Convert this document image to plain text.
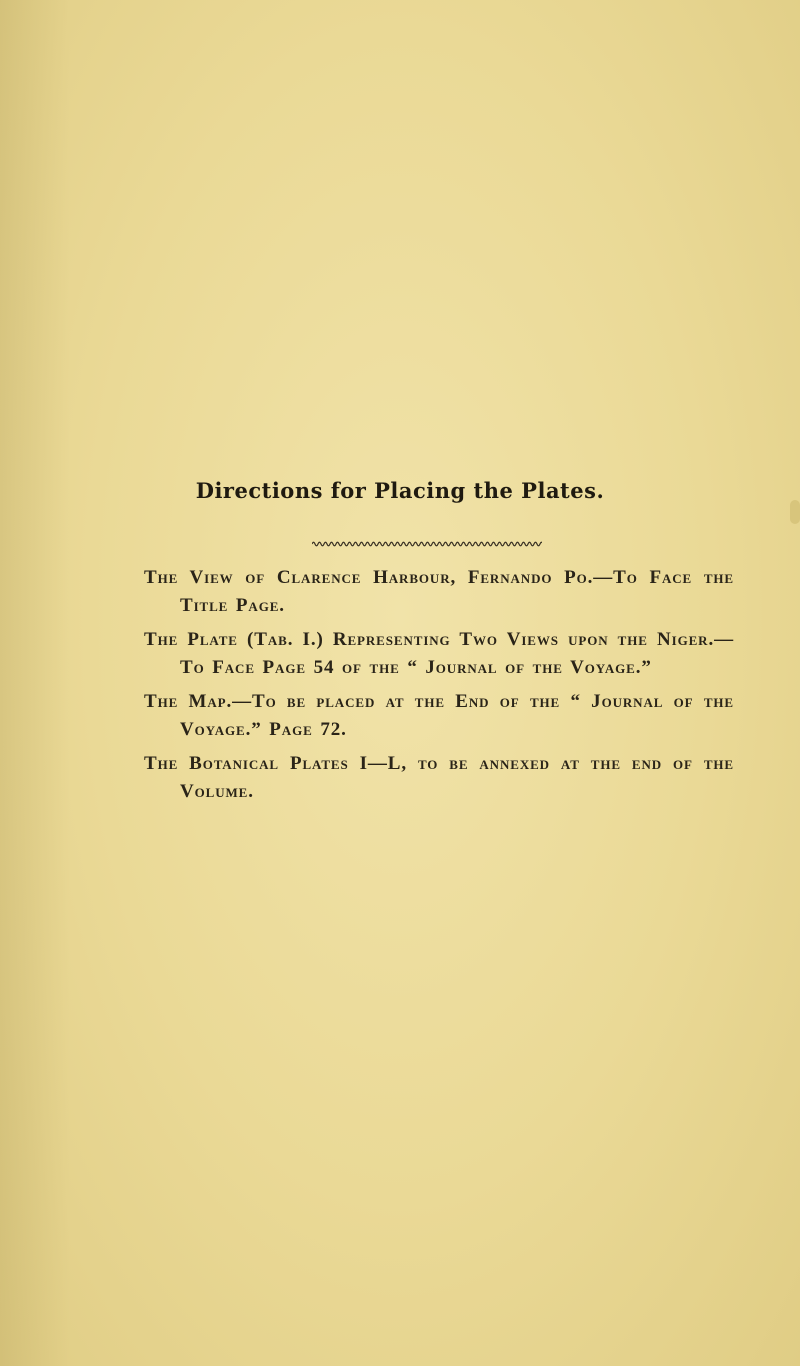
Directions for Placing the Plates.
The View of Clarence Harbour, Fernando Po.—To Face the Title Page.
The Plate (Tab. I.) Representing Two Views upon the Niger.— To Face Page 54 of the “ Journal of the Voyage.”
The Map.—To be placed at the End of the “ Journal of the Voyage.” Page 72.
The Botanical Plates I—L, to be annexed at the end of the Volume.
